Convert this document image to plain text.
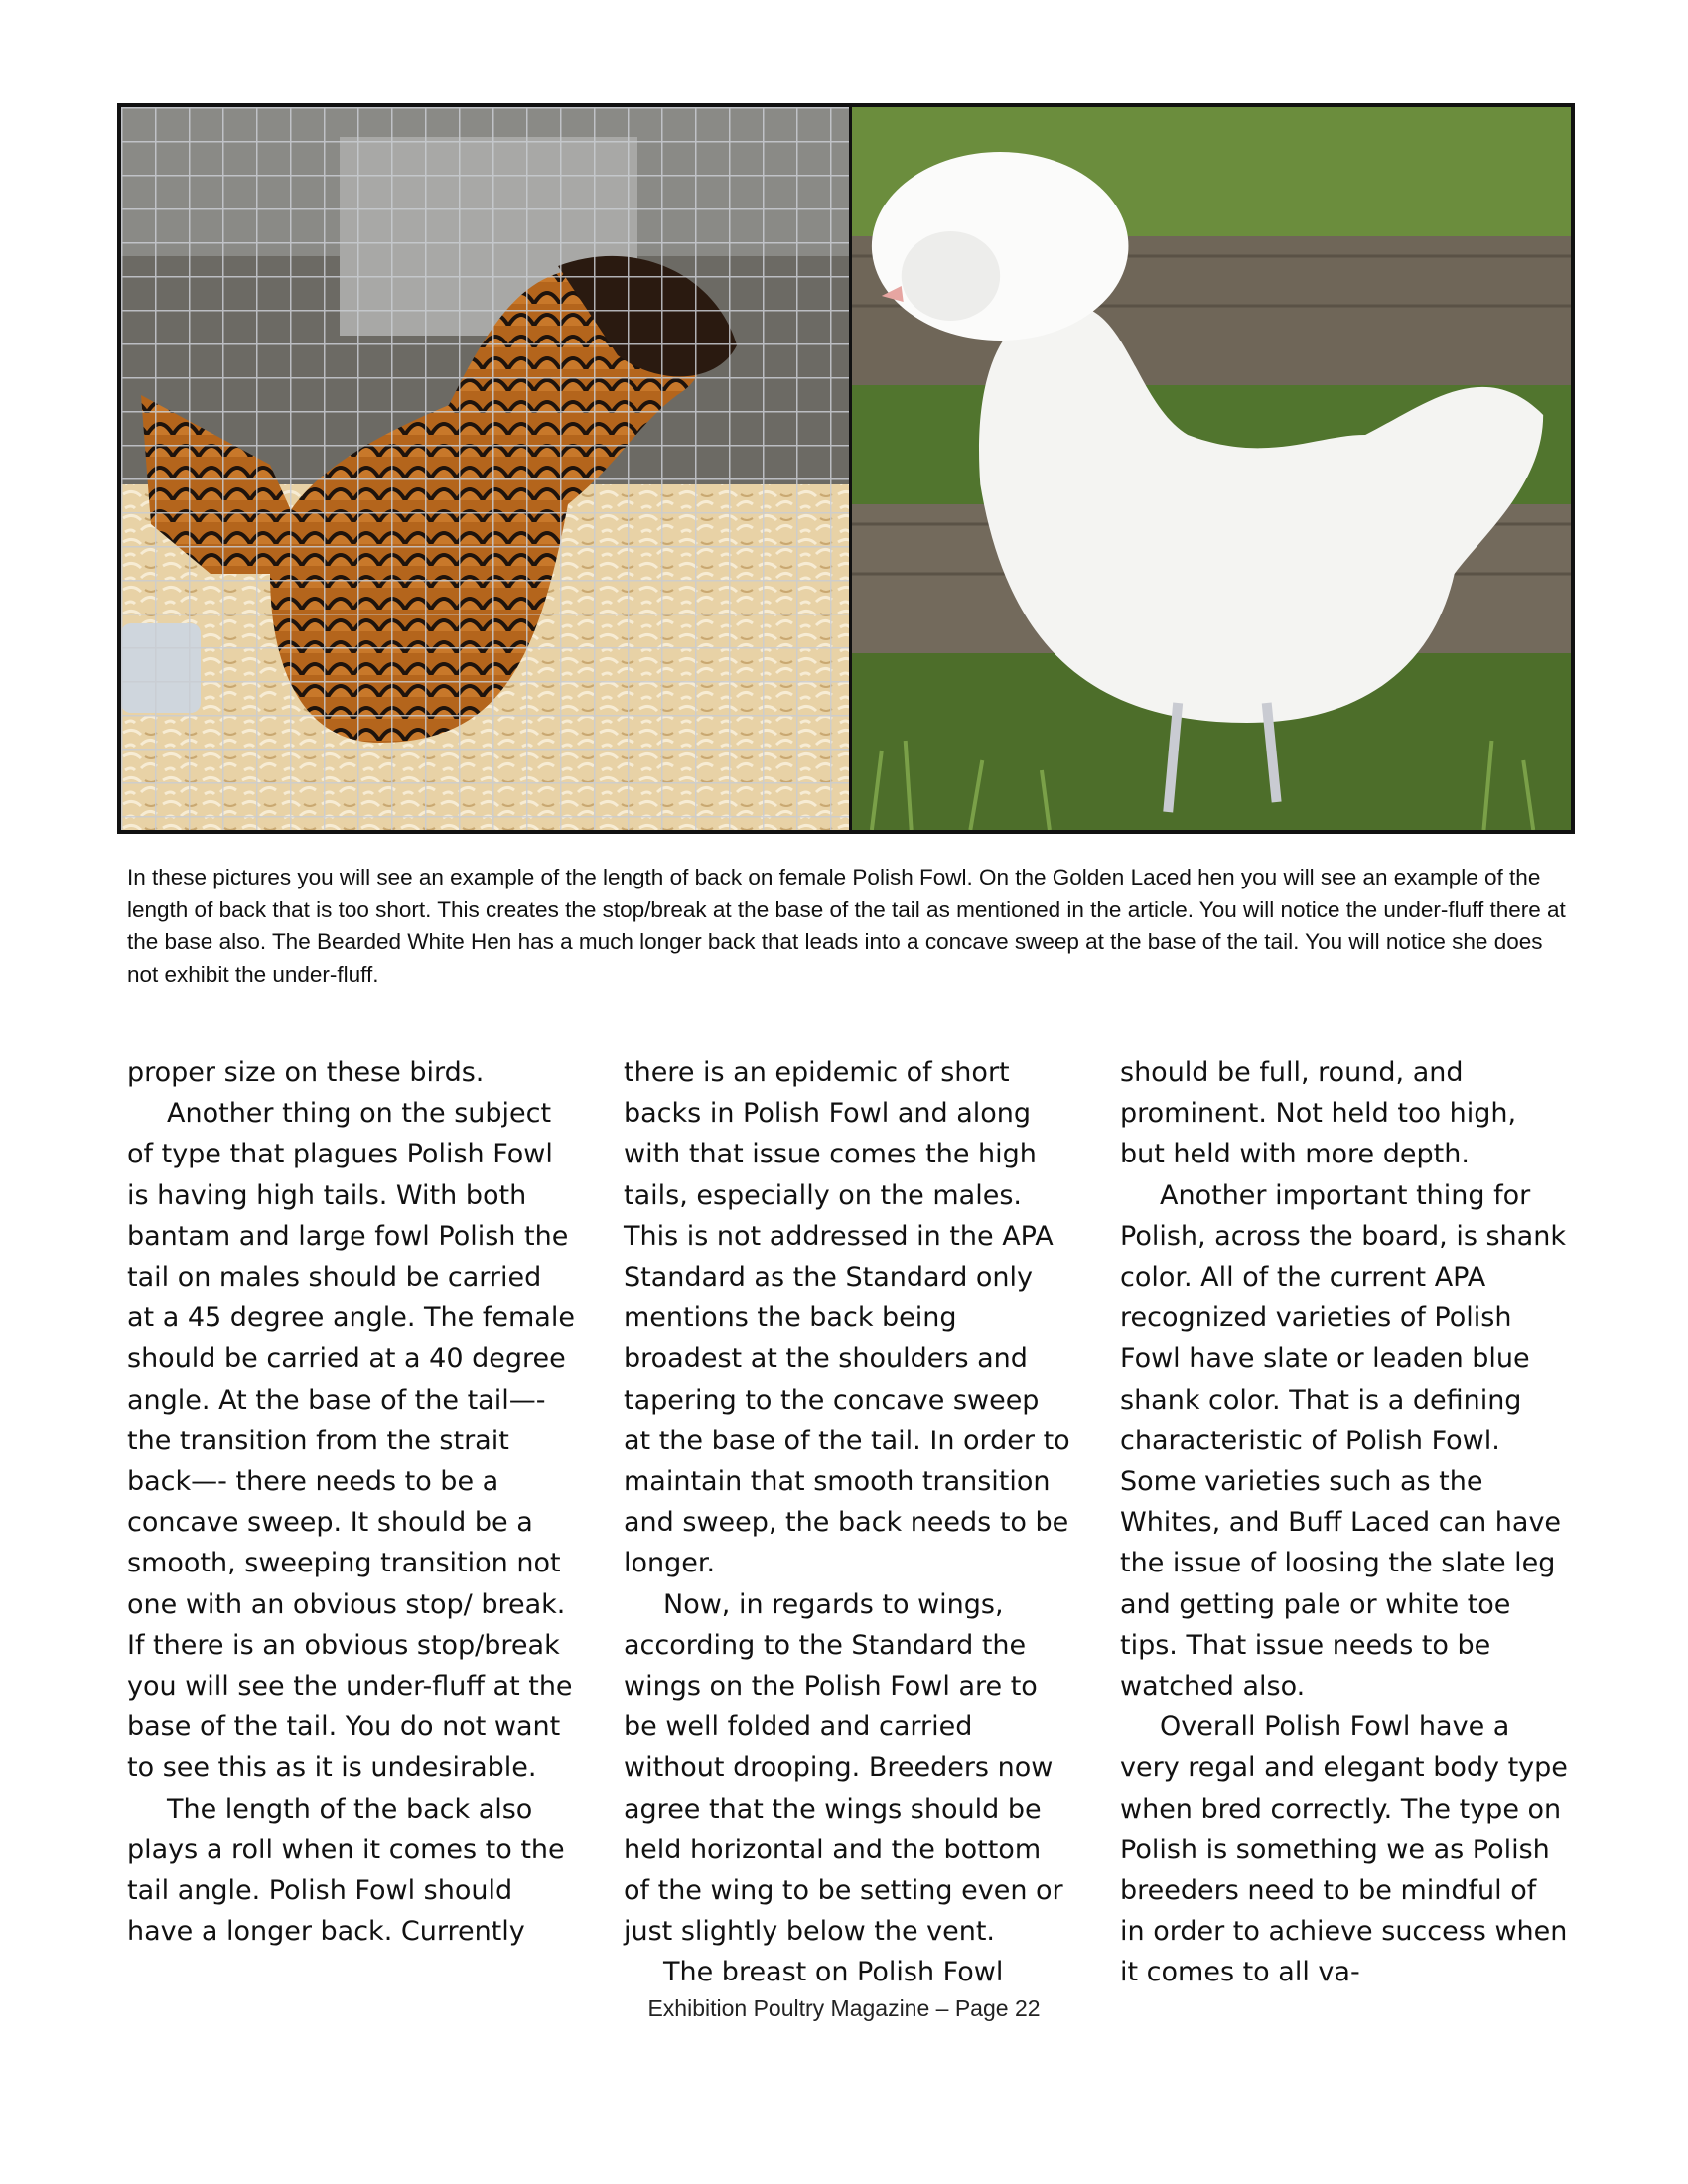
In these pictures you will see an example of the length of back on female Polish Fowl. On the Golden Laced hen you will see an example of the length of back that is too short. This creates the stop/break at the base of the tail as mentioned in the article. You will notice the under-fluff there at the base also. The Bearded White Hen has a much longer back that leads into a concave sweep at the base of the tail. You will notice she does not exhibit the under-fluff.

proper size on these birds.

Another thing on the subject of type that plagues Polish Fowl is having high tails. With both bantam and large fowl Polish the tail on males should be carried at a 45 degree angle. The female should be carried at a 40 degree angle. At the base of the tail—-the transition from the strait back—- there needs to be a concave sweep. It should be a smooth, sweeping transition not one with an obvious stop/ break. If there is an obvious stop/break you will see the under-fluff at the base of the tail. You do not want to see this as it is undesirable.

The length of the back also plays a roll when it comes to the tail angle. Polish Fowl should have a longer back. Currently

there is an epidemic of short backs in Polish Fowl and along with that issue comes the high tails, especially on the males. This is not addressed in the APA Standard as the Standard only mentions the back being broadest at the shoulders and tapering to the concave sweep at the base of the tail. In order to maintain that smooth transition and sweep, the back needs to be longer.

Now, in regards to wings, according to the Standard the wings on the Polish Fowl are to be well folded and carried without drooping. Breeders now agree that the wings should be held horizontal and the bottom of the wing to be setting even or just slightly below the vent.

The breast on Polish Fowl

should be full, round, and prominent. Not held too high, but held with more depth.

Another important thing for Polish, across the board, is shank color. All of the current APA recognized varieties of Polish Fowl have slate or leaden blue shank color. That is a defining characteristic of Polish Fowl. Some varieties such as the Whites, and Buff Laced can have the issue of loosing the slate leg and getting pale or white toe tips. That issue needs to be watched also.

Overall Polish Fowl have a very regal and elegant body type when bred correctly. The type on Polish is something we as Polish breeders need to be mindful of in order to achieve success when it comes to all va-

Exhibition Poultry Magazine – Page 22
